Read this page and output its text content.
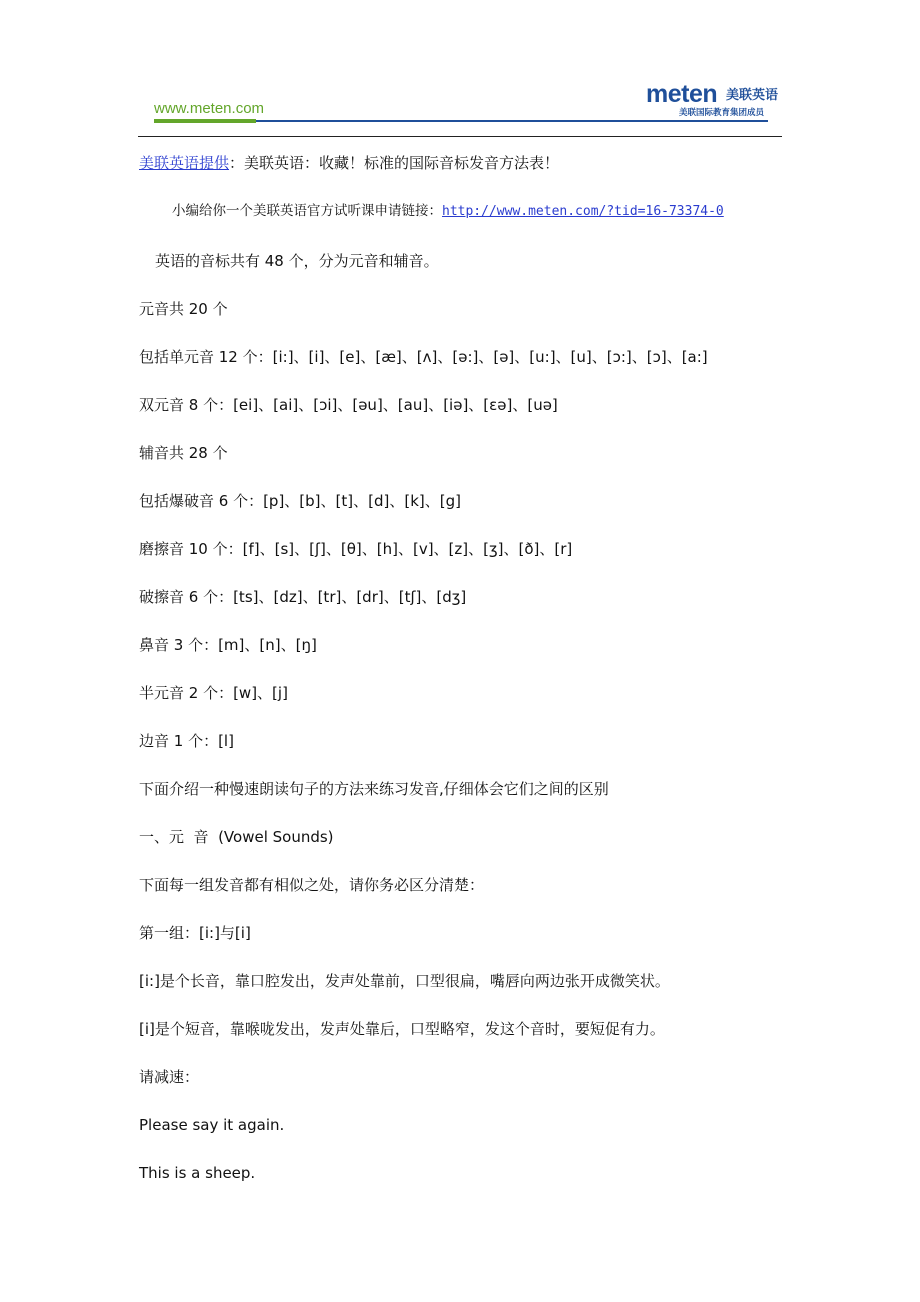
www.meten.com
meten 美联英语
美联国际教育集团成员
美联英语提供：美联英语：收藏！标准的国际音标发音方法表！
小编给你一个美联英语官方试听课申请链接：http://www.meten.com/?tid=16-73374-0
英语的音标共有 48 个，分为元音和辅音。
元音共 20 个
包括单元音 12 个：[i:]、[i]、[e]、[æ]、[ʌ]、[ə:]、[ə]、[u:]、[u]、[ɔ:]、[ɔ]、[a:]
双元音 8 个：[ei]、[ai]、[ɔi]、[əu]、[au]、[iə]、[εə]、[uə]
辅音共 28 个
包括爆破音 6 个：[p]、[b]、[t]、[d]、[k]、[g]
磨擦音 10 个：[f]、[s]、[ʃ]、[θ]、[h]、[v]、[z]、[ʒ]、[ð]、[r]
破擦音 6 个：[ts]、[dz]、[tr]、[dr]、[tʃ]、[dʒ]
鼻音 3 个：[m]、[n]、[ŋ]
半元音 2 个：[w]、[j]
边音 1 个：[l]
下面介绍一种慢速朗读句子的方法来练习发音,仔细体会它们之间的区别
一、元  音  (Vowel Sounds)
下面每一组发音都有相似之处，请你务必区分清楚：
第一组：[i:]与[i]
[i:]是个长音，靠口腔发出，发声处靠前，口型很扁，嘴唇向两边张开成微笑状。
[i]是个短音，靠喉咙发出，发声处靠后，口型略窄，发这个音时，要短促有力。
请减速：
Please say it again.
This is a sheep.
